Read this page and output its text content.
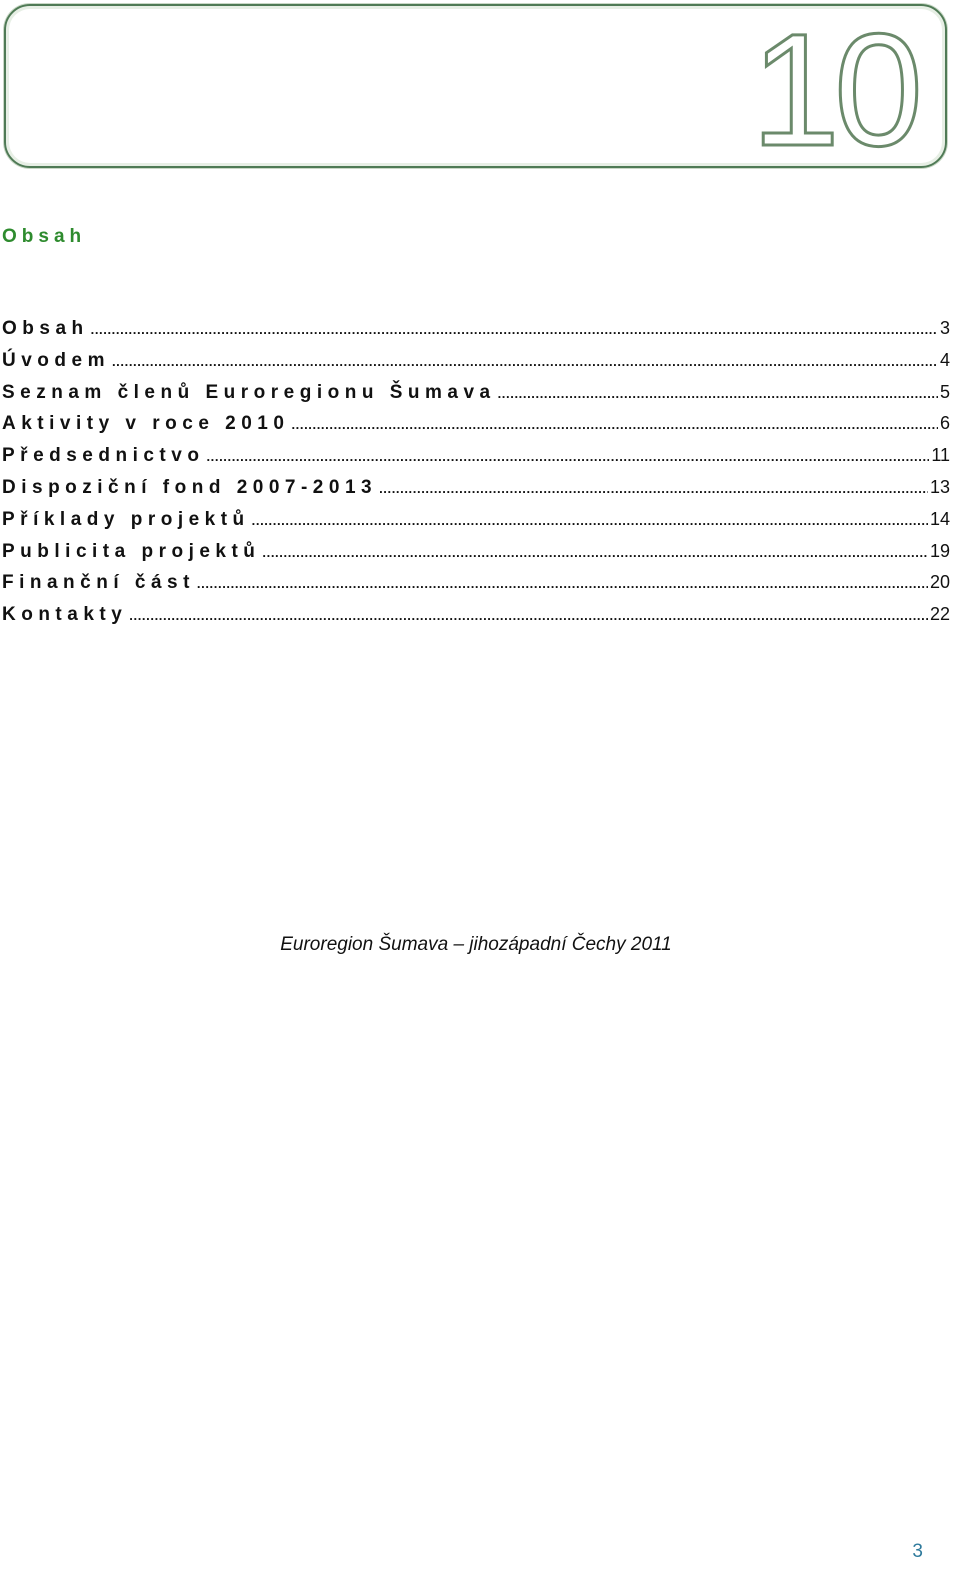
10
Obsah
Obsah .....	3
Úvodem .....	4
Seznam členů Euroregionu Šumava .....	5
Aktivity v roce 2010 .....	6
Předsednictvo .....	11
Dispoziční fond 2007-2013 .....	13
Příklady projektů .....	14
Publicita projektů .....	19
Finanční část .....	20
Kontakty .....	22
Euroregion Šumava – jihozápadní Čechy 2011
3
